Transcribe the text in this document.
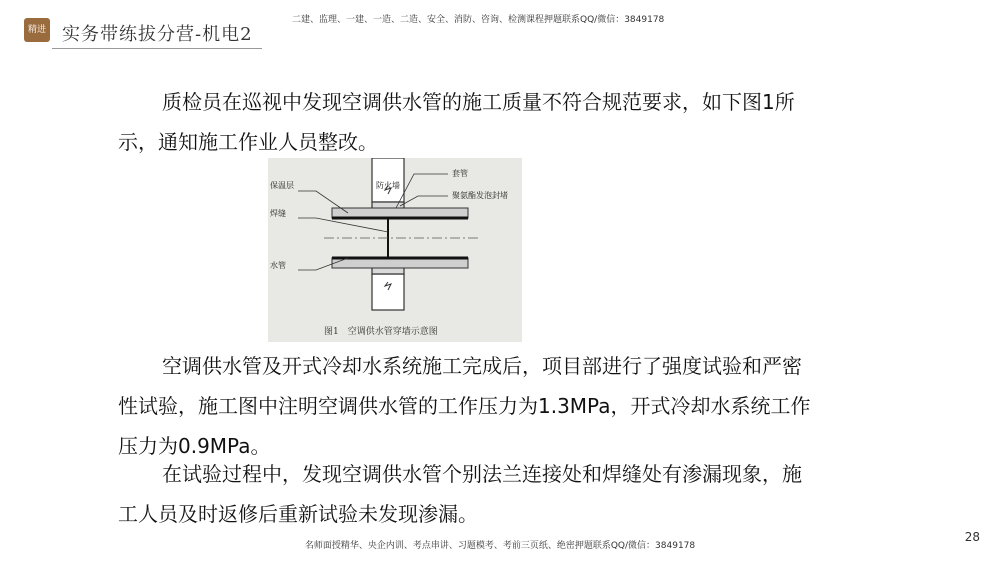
精进 实务带练拔分营-机电2
二建、监理、一建、一造、二造、安全、消防、咨询、检测课程押题联系QQ/微信：3849178

质检员在巡视中发现空调供水管的施工质量不符合规范要求，如下图1所示，通知施工作业人员整改。

保温层
焊缝
水管
防火墙
套管
聚氨酯发泡封堵
图1　空调供水管穿墙示意图

空调供水管及开式冷却水系统施工完成后，项目部进行了强度试验和严密性试验，施工图中注明空调供水管的工作压力为1.3MPa，开式冷却水系统工作压力为0.9MPa。

在试验过程中，发现空调供水管个别法兰连接处和焊缝处有渗漏现象，施工人员及时返修后重新试验未发现渗漏。

28
名师面授精华、央企内训、考点串讲、习题模考、考前三页纸、绝密押题联系QQ/微信：3849178
